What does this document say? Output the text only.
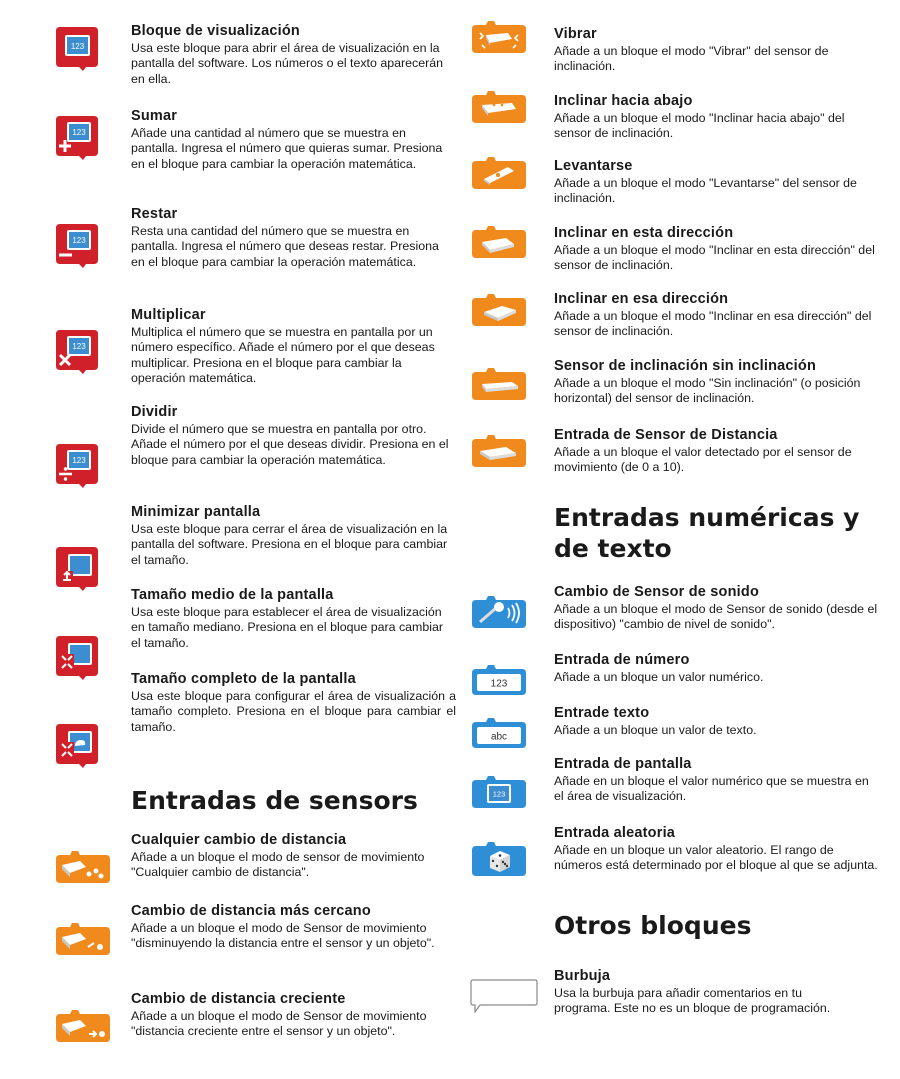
123
Bloque de visualización
Usa este bloque para abrir el área de visualización en la pantalla del software. Los números o el texto aparecerán en ella.
123
Sumar
Añade una cantidad al número que se muestra en pantalla. Ingresa el número que quieras sumar. Presiona en el bloque para cambiar la operación matemática.
123
Restar
Resta una cantidad del número que se muestra en pantalla. Ingresa el número que deseas restar. Presiona en el bloque para cambiar la operación matemática.
123
Multiplicar
Multiplica el número que se muestra en pantalla por un número específico. Añade el número por el que deseas multiplicar. Presiona en el bloque para cambiar la operación matemática.
123
Dividir
Divide el número que se muestra en pantalla por otro. Añade el número por el que deseas dividir. Presiona en el bloque para cambiar la operación matemática.
Minimizar pantalla
Usa este bloque para cerrar el área de visualización en la pantalla del software. Presiona en el bloque para cambiar el tamaño.
Tamaño medio de la pantalla
Usa este bloque para establecer el área de visualización en tamaño mediano. Presiona en el bloque para cambiar el tamaño.
Tamaño completo de la pantalla
Usa este bloque para configurar el área de visualización a tamaño completo. Presiona en el bloque para cambiar el tamaño.
Entradas de sensors
Cualquier cambio de distancia
Añade a un bloque el modo de sensor de movimiento "Cualquier cambio de distancia".
Cambio de distancia más cercano
Añade a un bloque el modo de Sensor de movimiento "disminuyendo la distancia entre el sensor y un objeto".
Cambio de distancia creciente
Añade a un bloque el modo de Sensor de movimiento "distancia creciente entre el sensor y un objeto".
Vibrar
Añade a un bloque el modo "Vibrar" del sensor de inclinación.
Inclinar hacia abajo
Añade a un bloque el modo "Inclinar hacia abajo" del sensor de inclinación.
Levantarse
Añade a un bloque el modo "Levantarse" del sensor de inclinación.
Inclinar en esta dirección
Añade a un bloque el modo "Inclinar en esta dirección" del sensor de inclinación.
Inclinar en esa dirección
Añade a un bloque el modo "Inclinar en esa dirección" del sensor de inclinación.
Sensor de inclinación sin inclinación
Añade a un bloque el modo "Sin inclinación" (o posición horizontal) del sensor de inclinación.
Entrada de Sensor de Distancia
Añade a un bloque el valor detectado por el sensor de movimiento (de 0 a 10).
Entradas numéricas y de texto
Cambio de Sensor de sonido
Añade a un bloque el modo de Sensor de sonido (desde el dispositivo) "cambio de nivel de sonido".
123
Entrada de número
Añade a un bloque un valor numérico.
abc
Entrade texto
Añade a un bloque un valor de texto.
123
Entrada de pantalla
Añade en un bloque el valor numérico que se muestra en el área de visualización.
Entrada aleatoria
Añade en un bloque un valor aleatorio. El rango de números está determinado por el bloque al que se adjunta.
Otros bloques
Burbuja
Usa la burbuja para añadir comentarios en tu programa. Este no es un bloque de programación.
